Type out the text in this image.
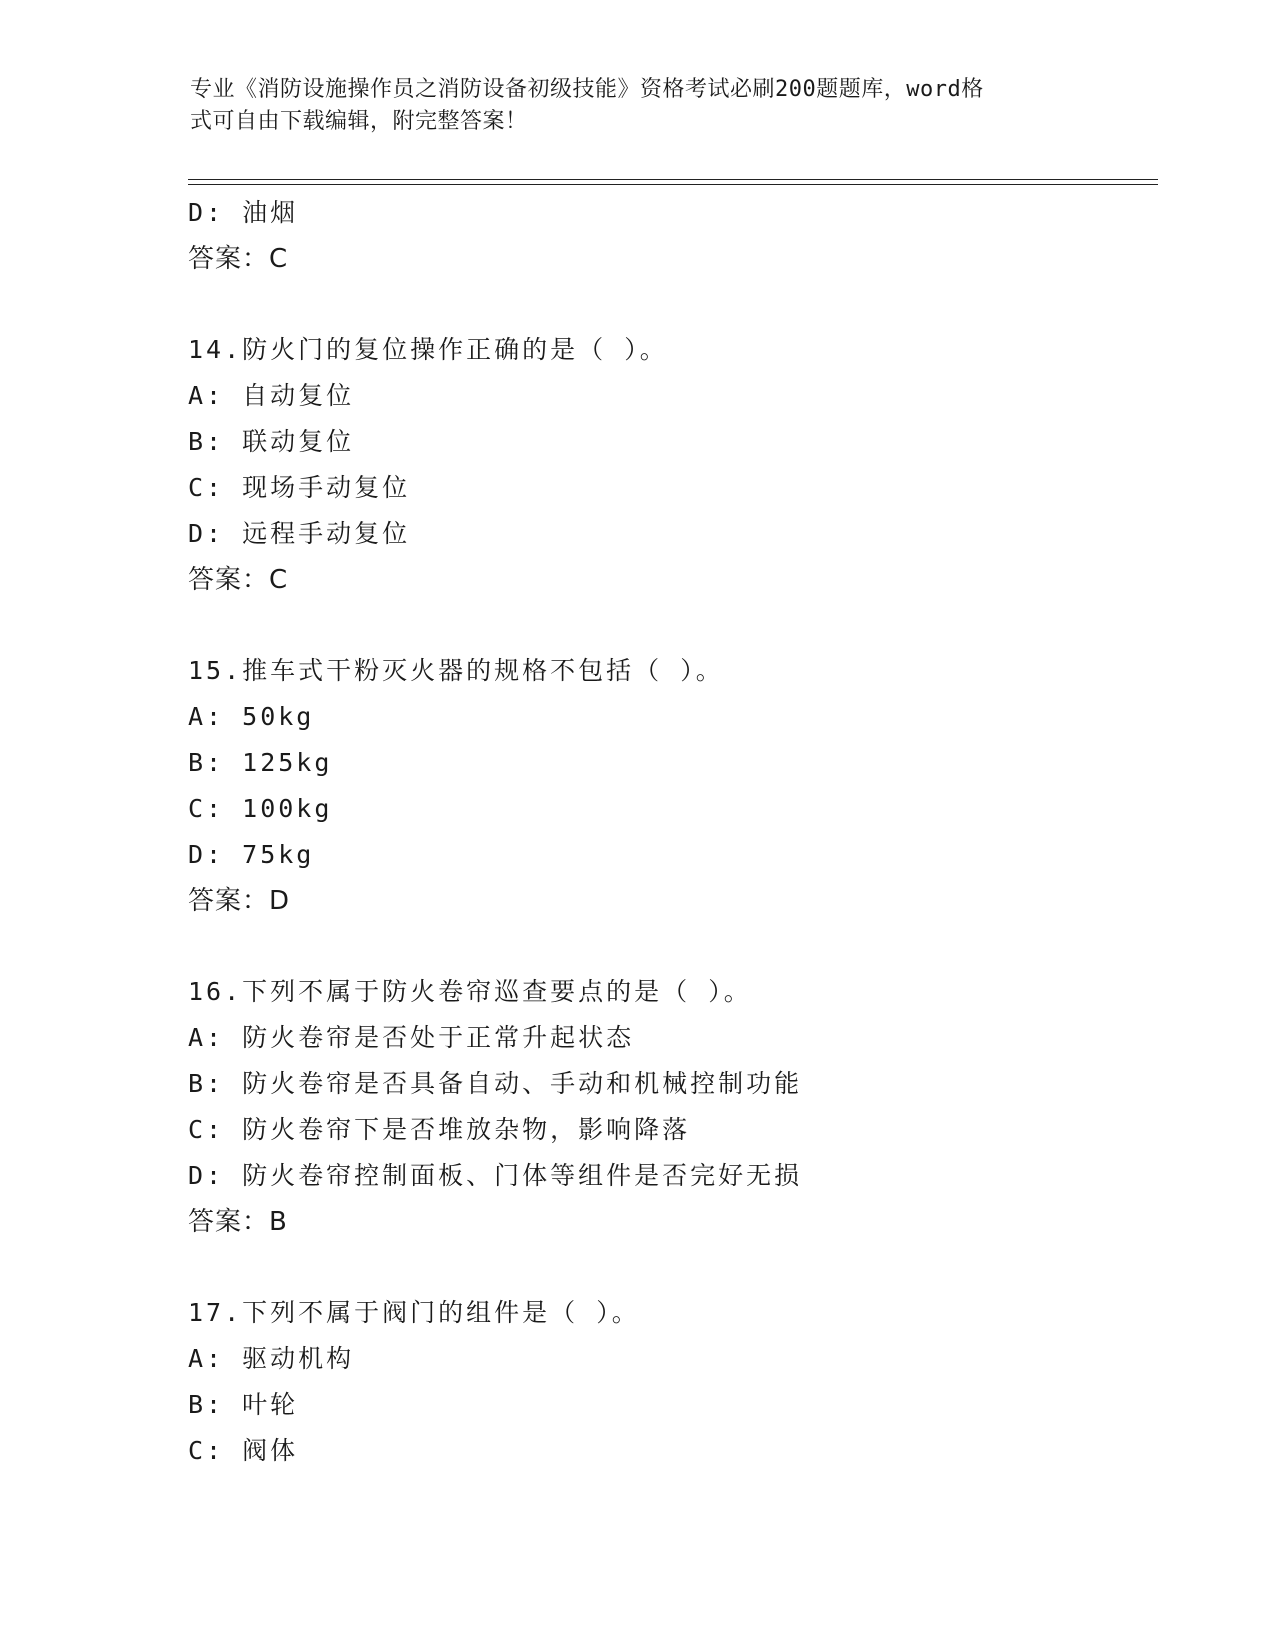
专业《消防设施操作员之消防设备初级技能》资格考试必刷200题题库，word格
式可自由下载编辑，附完整答案！
D: 油烟
答案：C
14.防火门的复位操作正确的是（ ）。
A: 自动复位
B: 联动复位
C: 现场手动复位
D: 远程手动复位
答案：C
15.推车式干粉灭火器的规格不包括（ ）。
A: 50kg
B: 125kg
C: 100kg
D: 75kg
答案：D
16.下列不属于防火卷帘巡查要点的是（ ）。
A: 防火卷帘是否处于正常升起状态
B: 防火卷帘是否具备自动、手动和机械控制功能
C: 防火卷帘下是否堆放杂物，影响降落
D: 防火卷帘控制面板、门体等组件是否完好无损
答案：B
17.下列不属于阀门的组件是（ ）。
A: 驱动机构
B: 叶轮
C: 阀体
